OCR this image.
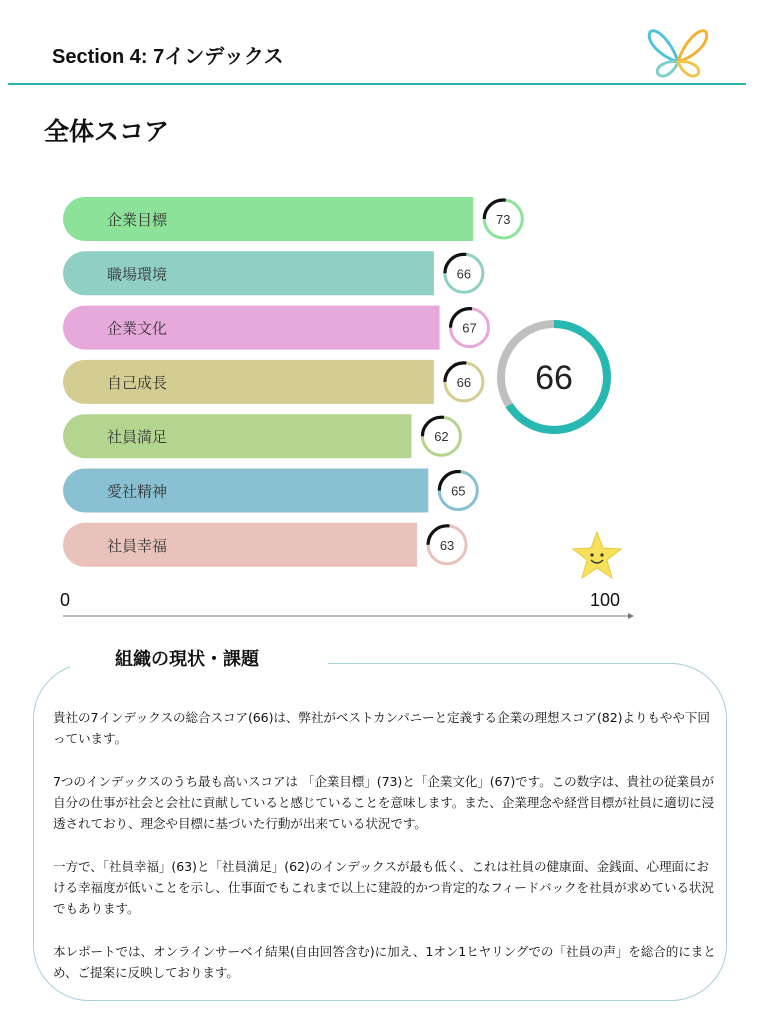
Section 4: 7インデックス
全体スコア
企業目標	73
職場環境	66
企業文化	67
自己成長	66
社員満足	62
愛社精神	65
社員幸福	63
66
0	100
組織の現状・課題

貴社の7インデックスの総合スコア(66)は、弊社がベストカンパニーと定義する企業の理想スコア(82)よりもやや下回っています。

7つのインデックスのうち最も高いスコアは 「企業目標」(73)と「企業文化」(67)です。この数字は、貴社の従業員が自分の仕事が社会と会社に貢献していると感じていることを意味します。また、企業理念や経営目標が社員に適切に浸透されており、理念や目標に基づいた行動が出来ている状況です。

一方で、「社員幸福」(63)と「社員満足」(62)のインデックスが最も低く、これは社員の健康面、金銭面、心理面における幸福度が低いことを示し、仕事面でもこれまで以上に建設的かつ肯定的なフィードバックを社員が求めている状況でもあります。

本レポートでは、オンラインサーベイ結果(自由回答含む)に加え、1オン1ヒヤリングでの「社員の声」を総合的にまとめ、ご提案に反映しております。
